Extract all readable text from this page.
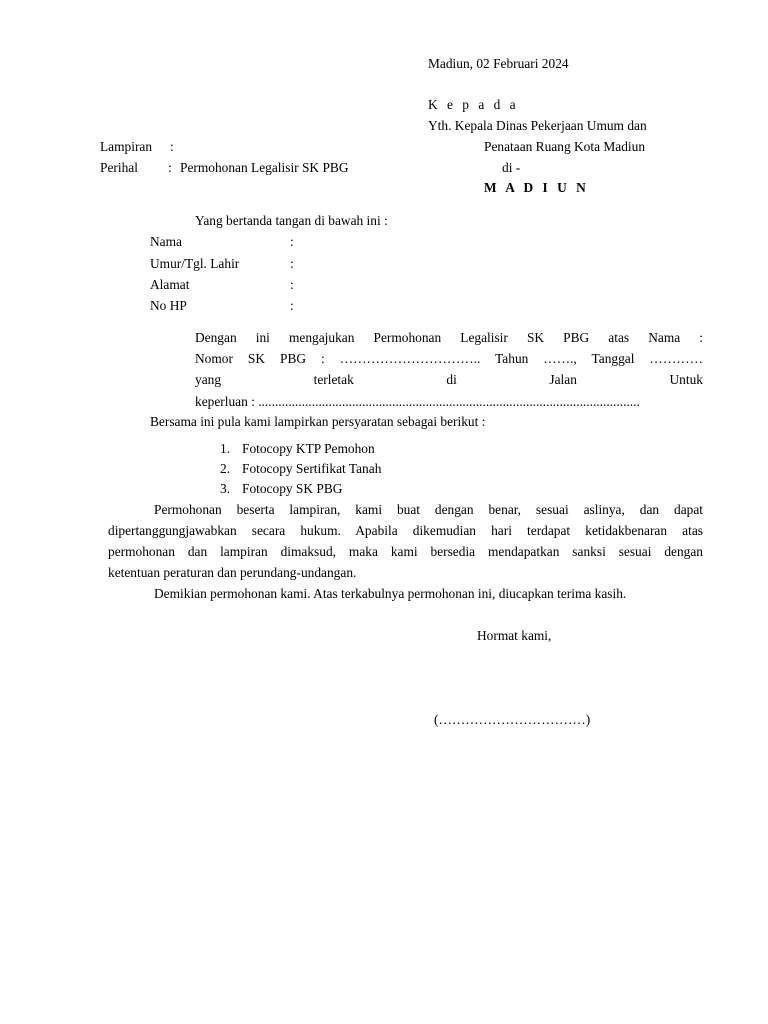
Madiun, 02 Februari 2024
K e p a d a
Yth. Kepala Dinas Pekerjaan Umum dan
Lampiran :	Penataan Ruang Kota Madiun
Perihal : Permohonan Legalisir SK PBG	di -
M A D I U N
Yang bertanda tangan di bawah ini :
Nama	:
Umur/Tgl. Lahir	:
Alamat	:
No HP	:
Dengan ini mengajukan Permohonan Legalisir SK PBG atas Nama :
Nomor SK PBG : ………………………….. Tahun ……., Tanggal …………
yang terletak di Jalan Untuk
keperluan : ..................................................................................................................
Bersama ini pula kami lampirkan persyaratan sebagai berikut :
1. Fotocopy KTP Pemohon
2. Fotocopy Sertifikat Tanah
3. Fotocopy SK PBG
Permohonan beserta lampiran, kami buat dengan benar, sesuai aslinya, dan dapat
dipertanggungjawabkan secara hukum. Apabila dikemudian hari terdapat ketidakbenaran atas
permohonan dan lampiran dimaksud, maka kami bersedia mendapatkan sanksi sesuai dengan
ketentuan peraturan dan perundang-undangan.
Demikian permohonan kami. Atas terkabulnya permohonan ini, diucapkan terima kasih.
Hormat kami,
(……………………………)
